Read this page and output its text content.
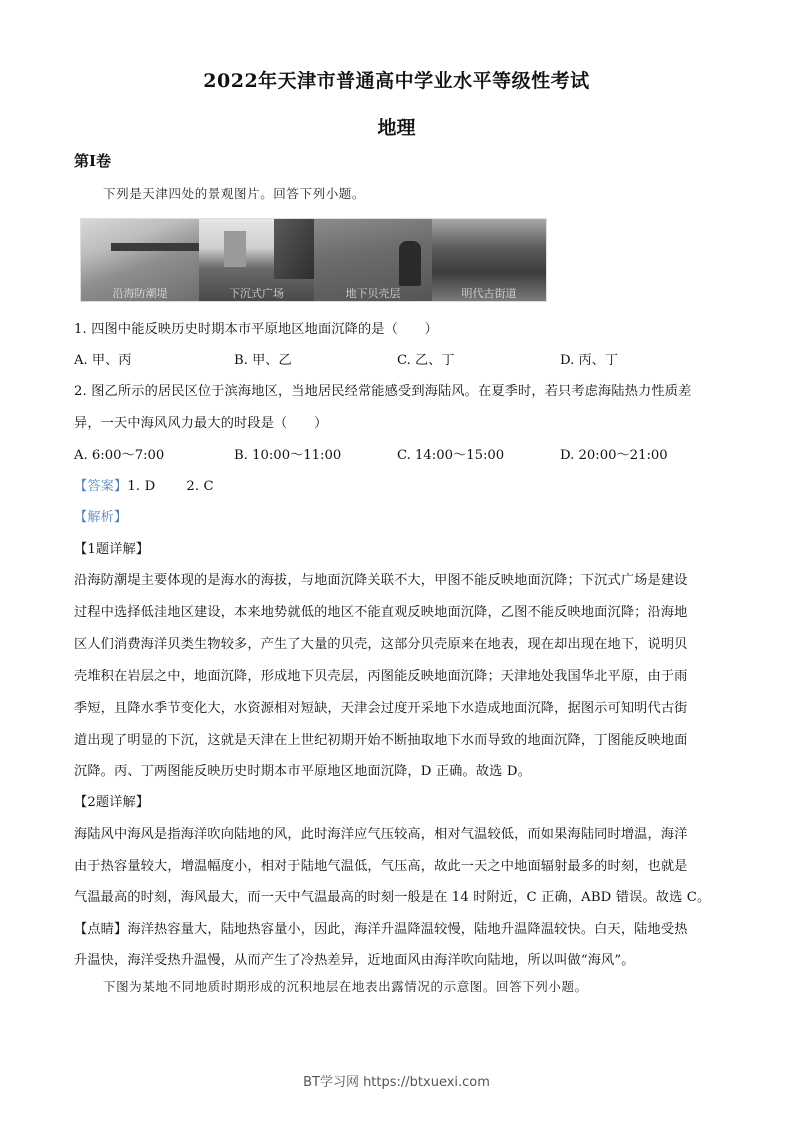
2022年天津市普通高中学业水平等级性考试
地理
第Ⅰ卷
下列是天津四处的景观图片。回答下列小题。
沿海防潮堤	下沉式广场	地下贝壳层	明代古街道
1. 四图中能反映历史时期本市平原地区地面沉降的是（　　）
A. 甲、丙	B. 甲、乙	C. 乙、丁	D. 丙、丁
2. 图乙所示的居民区位于滨海地区，当地居民经常能感受到海陆风。在夏季时，若只考虑海陆热力性质差
异，一天中海风风力最大的时段是（　　）
A. 6:00～7:00	B. 10:00～11:00	C. 14:00～15:00	D. 20:00～21:00
【答案】1. D　　 2. C
【解析】
【1题详解】
沿海防潮堤主要体现的是海水的海拔，与地面沉降关联不大，甲图不能反映地面沉降；下沉式广场是建设
过程中选择低洼地区建设，本来地势就低的地区不能直观反映地面沉降，乙图不能反映地面沉降；沿海地
区人们消费海洋贝类生物较多，产生了大量的贝壳，这部分贝壳原来在地表，现在却出现在地下，说明贝
壳堆积在岩层之中，地面沉降，形成地下贝壳层，丙图能反映地面沉降；天津地处我国华北平原，由于雨
季短，且降水季节变化大，水资源相对短缺，天津会过度开采地下水造成地面沉降，据图示可知明代古街
道出现了明显的下沉，这就是天津在上世纪初期开始不断抽取地下水而导致的地面沉降，丁图能反映地面
沉降。丙、丁两图能反映历史时期本市平原地区地面沉降，D 正确。故选 D。
【2题详解】
海陆风中海风是指海洋吹向陆地的风，此时海洋应气压较高，相对气温较低，而如果海陆同时增温，海洋
由于热容量较大，增温幅度小，相对于陆地气温低，气压高，故此一天之中地面辐射最多的时刻，也就是
气温最高的时刻，海风最大，而一天中气温最高的时刻一般是在 14 时附近，C 正确，ABD 错误。故选 C。
【点睛】海洋热容量大，陆地热容量小，因此，海洋升温降温较慢，陆地升温降温较快。白天，陆地受热
升温快，海洋受热升温慢，从而产生了冷热差异，近地面风由海洋吹向陆地，所以叫做“海风”。
下图为某地不同地质时期形成的沉积地层在地表出露情况的示意图。回答下列小题。
BT学习网 https://btxuexi.com
